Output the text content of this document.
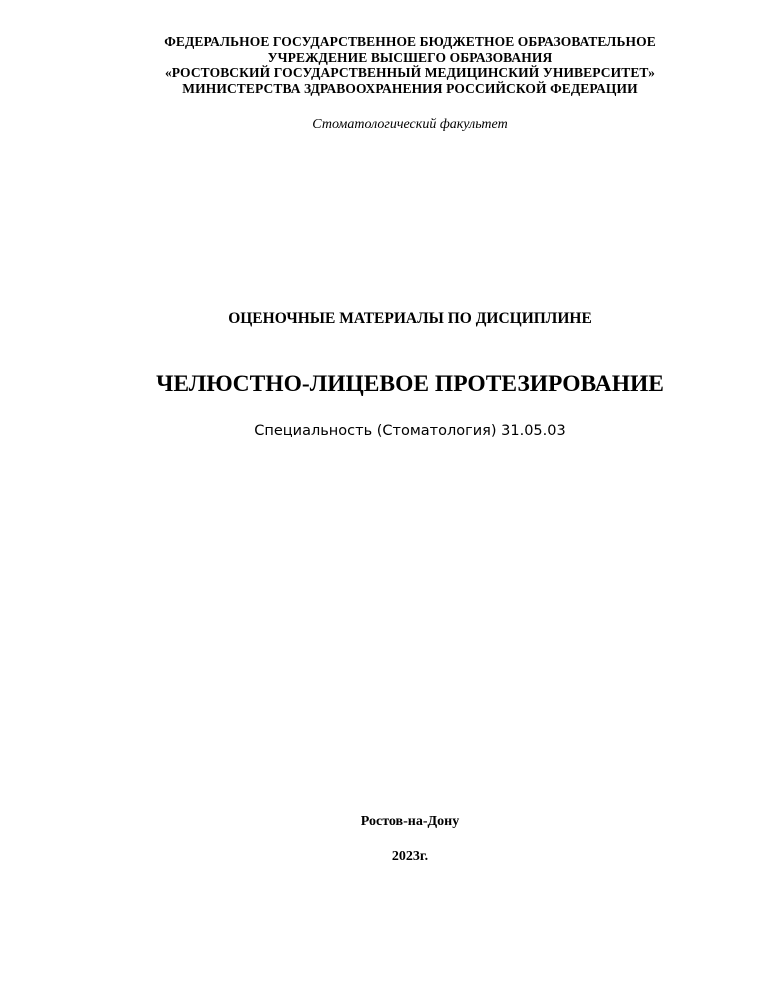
ФЕДЕРАЛЬНОЕ ГОСУДАРСТВЕННОЕ БЮДЖЕТНОЕ ОБРАЗОВАТЕЛЬНОЕ
УЧРЕЖДЕНИЕ ВЫСШЕГО ОБРАЗОВАНИЯ
«РОСТОВСКИЙ ГОСУДАРСТВЕННЫЙ МЕДИЦИНСКИЙ УНИВЕРСИТЕТ»
МИНИСТЕРСТВА ЗДРАВООХРАНЕНИЯ РОССИЙСКОЙ ФЕДЕРАЦИИ
Стоматологический факультет
ОЦЕНОЧНЫЕ МАТЕРИАЛЫ ПО ДИСЦИПЛИНЕ
ЧЕЛЮСТНО-ЛИЦЕВОЕ ПРОТЕЗИРОВАНИЕ
Специальность (Стоматология) 31.05.03
Ростов-на-Дону
2023г.
